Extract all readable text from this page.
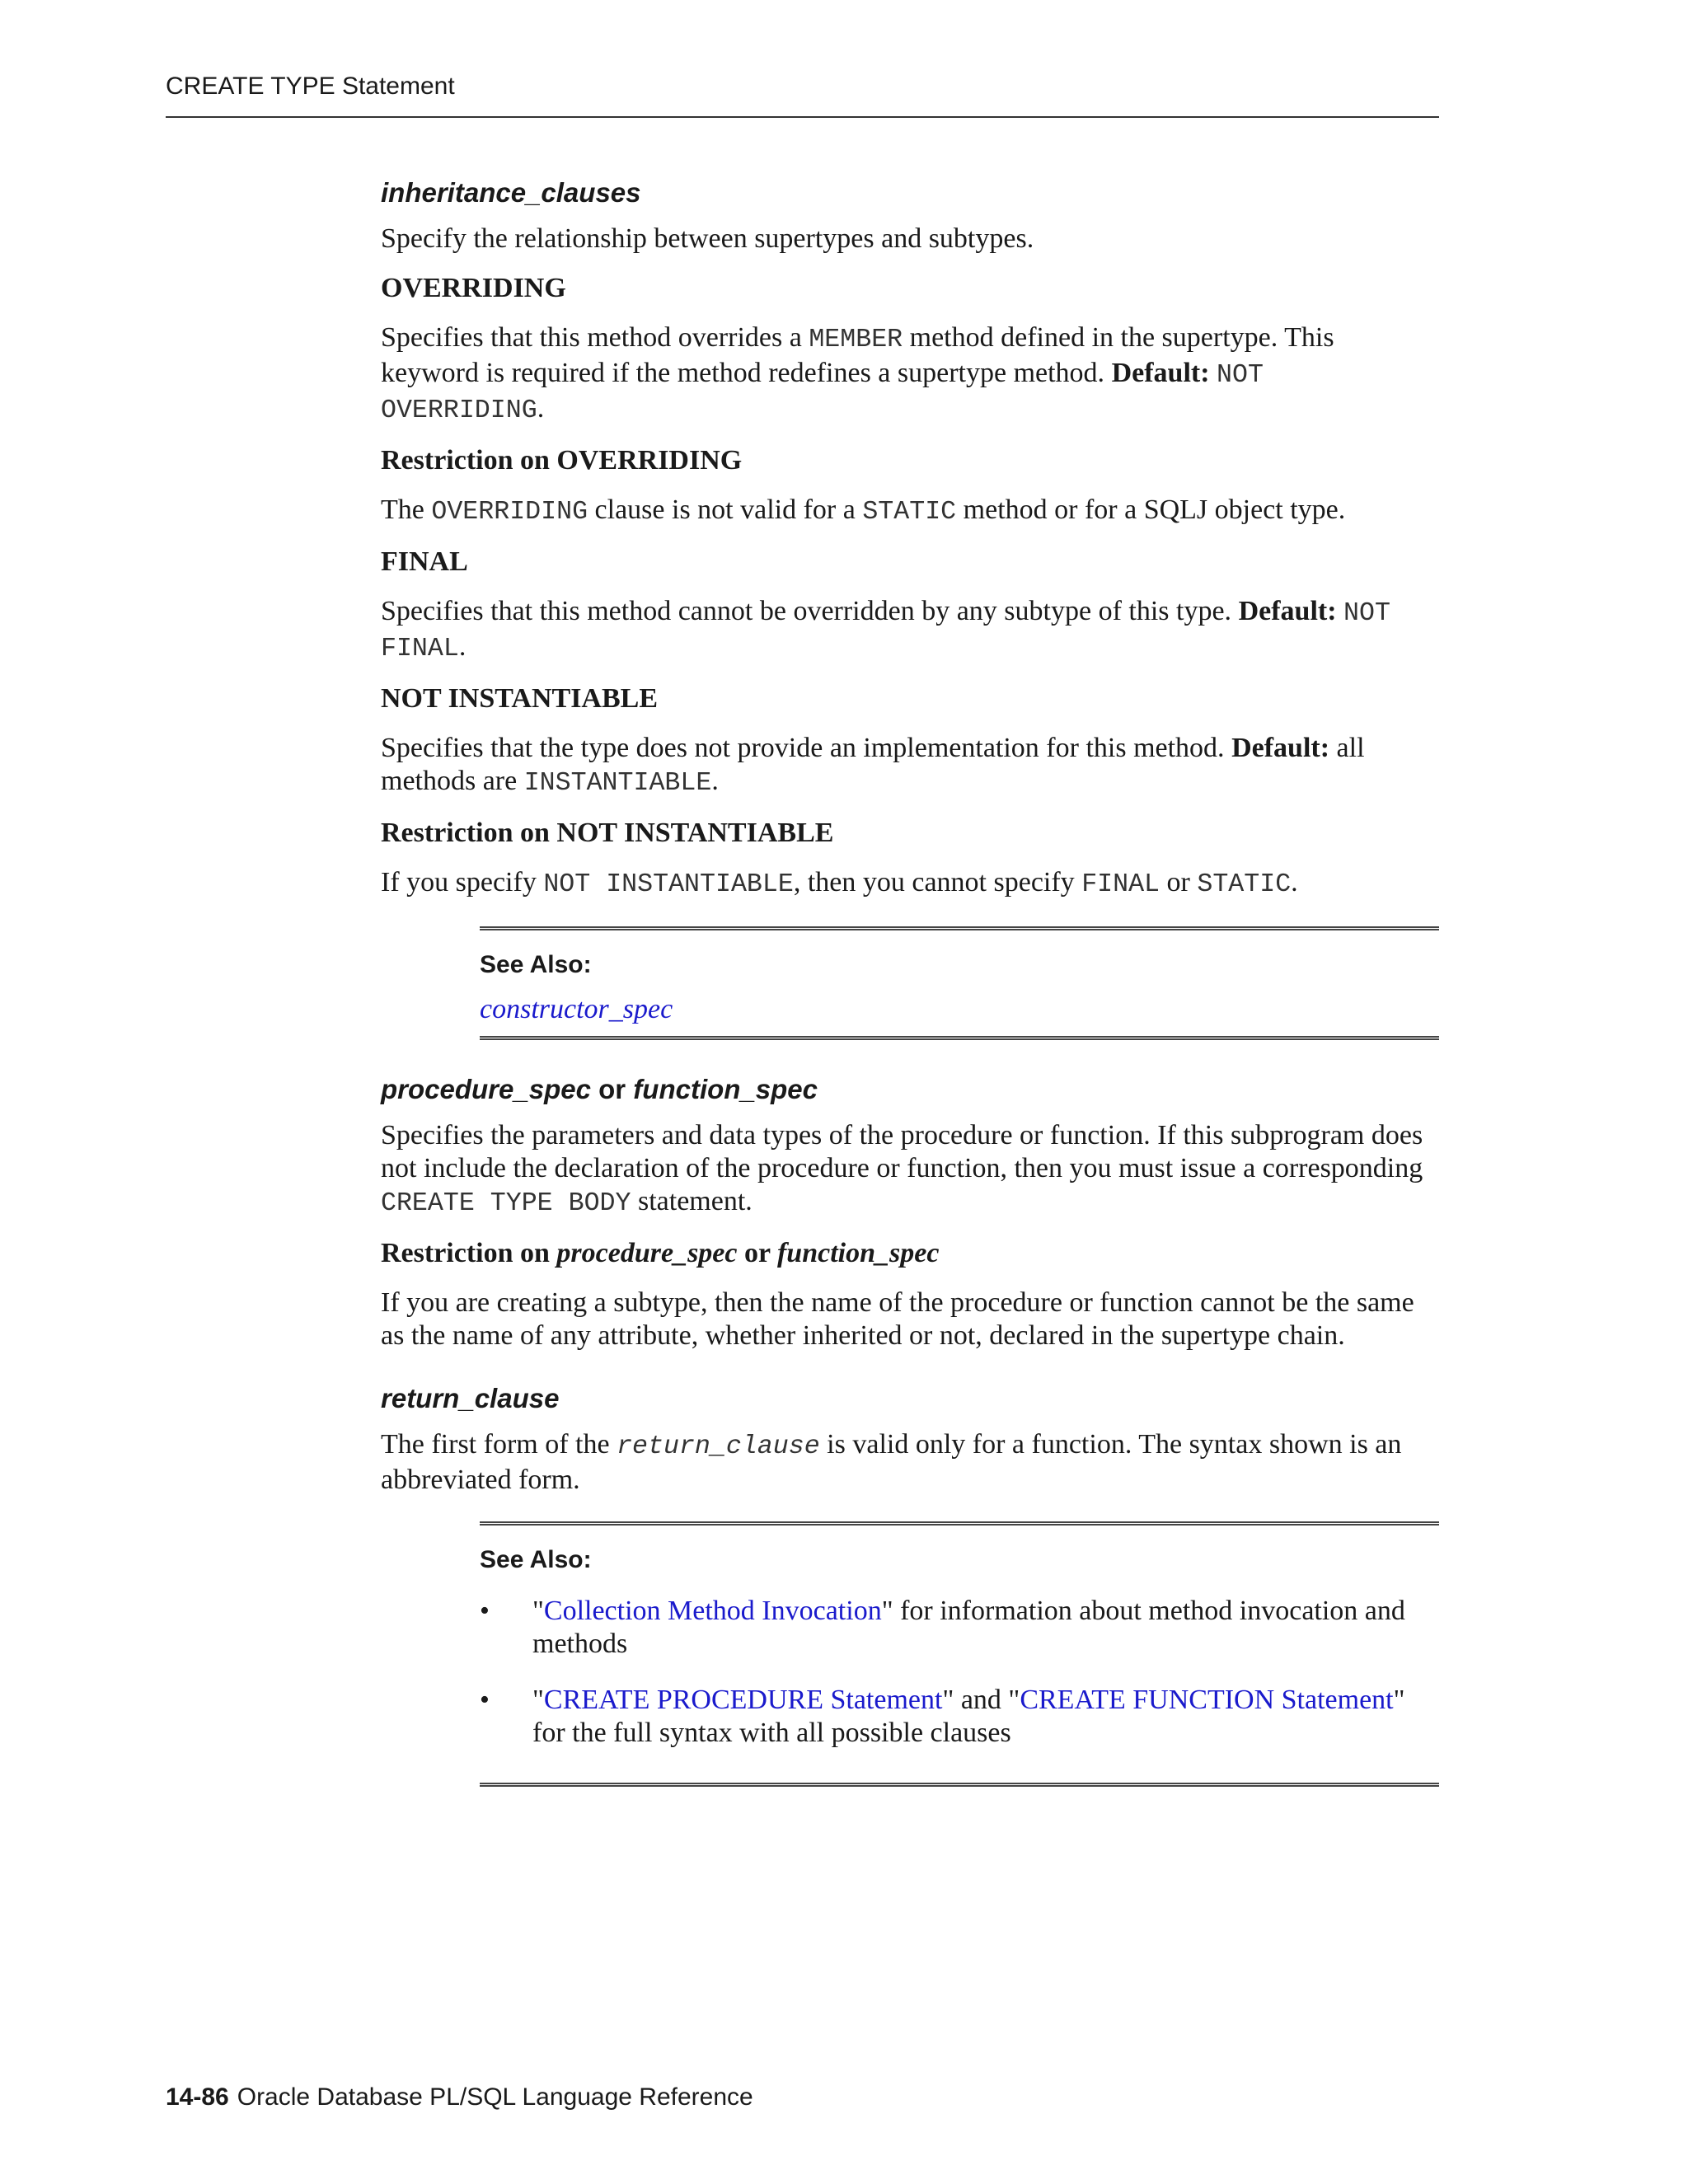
CREATE TYPE Statement
inheritance_clauses
Specify the relationship between supertypes and subtypes.
OVERRIDING
Specifies that this method overrides a MEMBER method defined in the supertype. This keyword is required if the method redefines a supertype method. Default: NOT OVERRIDING.
Restriction on OVERRIDING
The OVERRIDING clause is not valid for a STATIC method or for a SQLJ object type.
FINAL
Specifies that this method cannot be overridden by any subtype of this type. Default: NOT FINAL.
NOT INSTANTIABLE
Specifies that the type does not provide an implementation for this method. Default: all methods are INSTANTIABLE.
Restriction on NOT INSTANTIABLE
If you specify NOT INSTANTIABLE, then you cannot specify FINAL or STATIC.
See Also:
constructor_spec
procedure_spec or function_spec
Specifies the parameters and data types of the procedure or function. If this subprogram does not include the declaration of the procedure or function, then you must issue a corresponding CREATE TYPE BODY statement.
Restriction on procedure_spec or function_spec
If you are creating a subtype, then the name of the procedure or function cannot be the same as the name of any attribute, whether inherited or not, declared in the supertype chain.
return_clause
The first form of the return_clause is valid only for a function. The syntax shown is an abbreviated form.
See Also:
• "Collection Method Invocation" for information about method invocation and methods
• "CREATE PROCEDURE Statement" and "CREATE FUNCTION Statement" for the full syntax with all possible clauses
14-86 Oracle Database PL/SQL Language Reference
